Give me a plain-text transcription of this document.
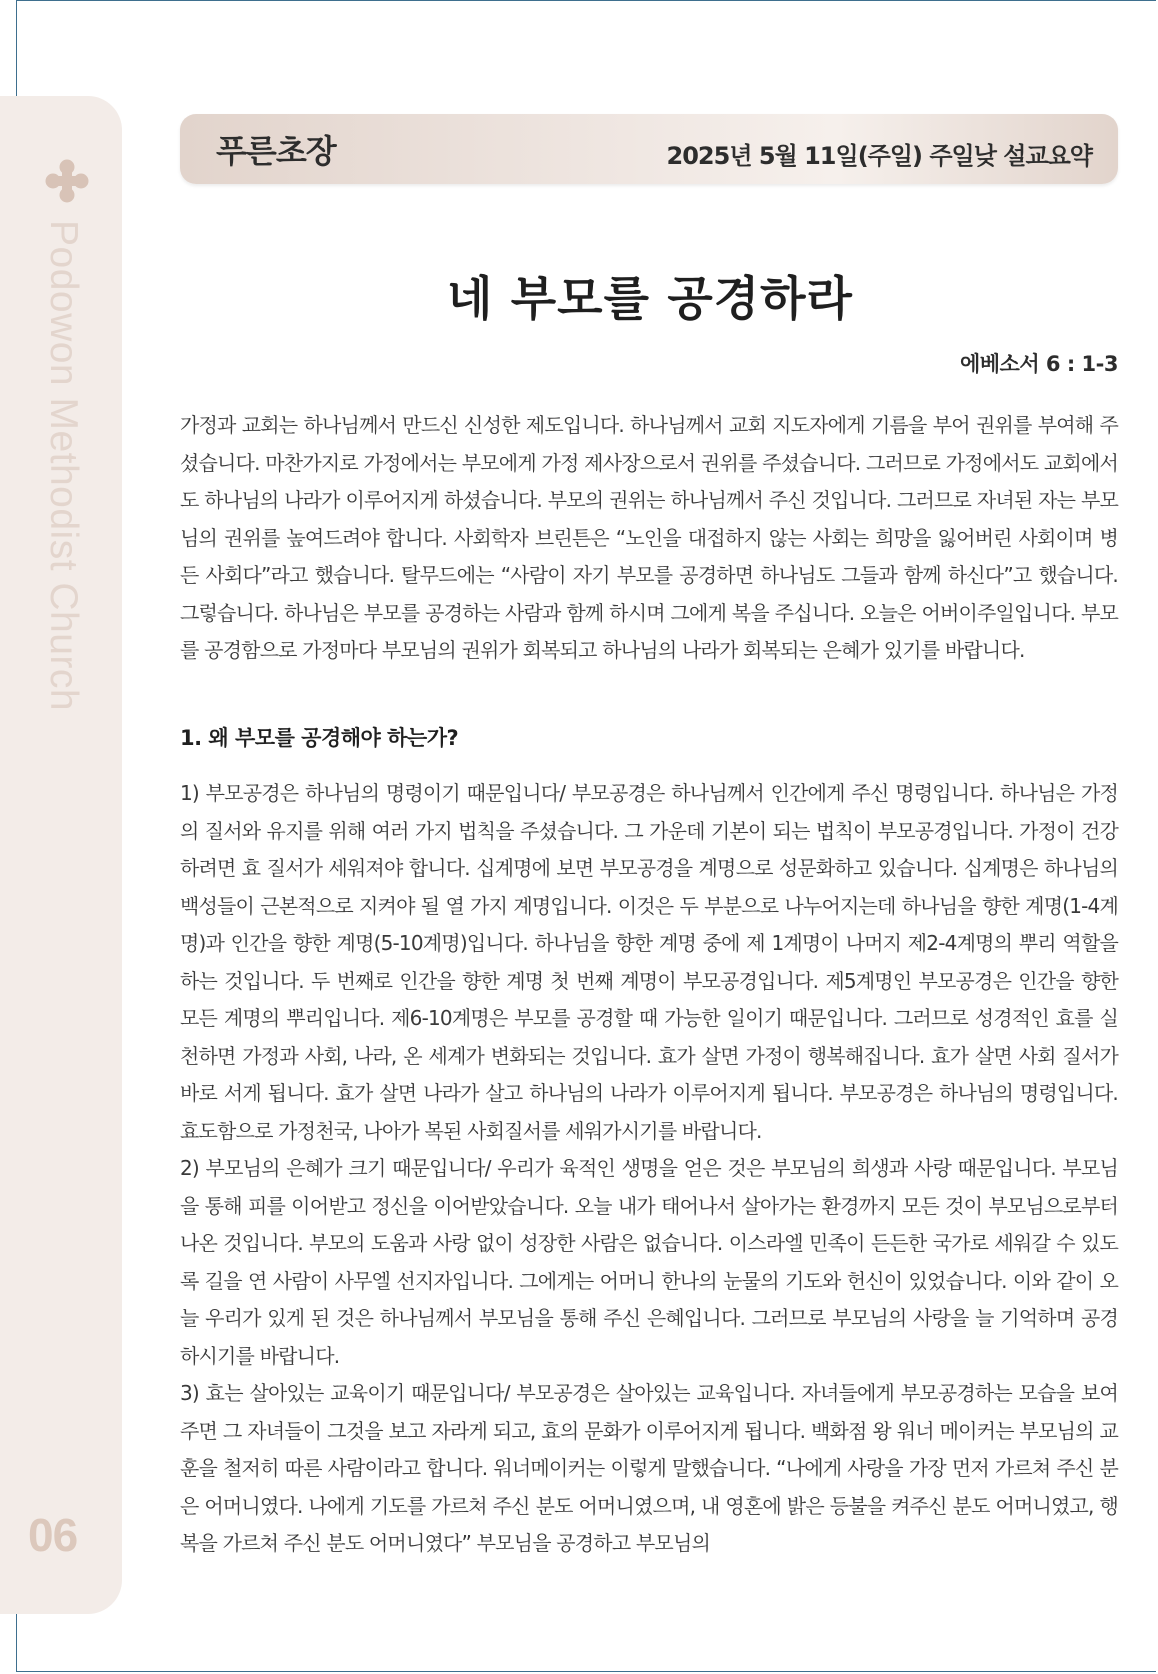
Podowon Methodist Church
06
푸른초장	2025년 5월 11일(주일) 주일낮 설교요약
네 부모를 공경하라
에베소서 6 : 1-3

가정과 교회는 하나님께서 만드신 신성한 제도입니다. 하나님께서 교회 지도자에게 기름을 부어 권위를 부여해 주셨습니다. 마찬가지로 가정에서는 부모에게 가정 제사장으로서 권위를 주셨습니다. 그러므로 가정에서도 교회에서도 하나님의 나라가 이루어지게 하셨습니다. 부모의 권위는 하나님께서 주신 것입니다. 그러므로 자녀된 자는 부모님의 권위를 높여드려야 합니다. 사회학자 브린튼은 “노인을 대접하지 않는 사회는 희망을 잃어버린 사회이며 병든 사회다”라고 했습니다. 탈무드에는 “사람이 자기 부모를 공경하면 하나님도 그들과 함께 하신다”고 했습니다. 그렇습니다. 하나님은 부모를 공경하는 사람과 함께 하시며 그에게 복을 주십니다. 오늘은 어버이주일입니다. 부모를 공경함으로 가정마다 부모님의 권위가 회복되고 하나님의 나라가 회복되는 은혜가 있기를 바랍니다.

1. 왜 부모를 공경해야 하는가?

1) 부모공경은 하나님의 명령이기 때문입니다/ 부모공경은 하나님께서 인간에게 주신 명령입니다. 하나님은 가정의 질서와 유지를 위해 여러 가지 법칙을 주셨습니다. 그 가운데 기본이 되는 법칙이 부모공경입니다. 가정이 건강하려면 효 질서가 세워져야 합니다. 십계명에 보면 부모공경을 계명으로 성문화하고 있습니다. 십계명은 하나님의 백성들이 근본적으로 지켜야 될 열 가지 계명입니다. 이것은 두 부분으로 나누어지는데 하나님을 향한 계명(1-4계명)과 인간을 향한 계명(5-10계명)입니다. 하나님을 향한 계명 중에 제 1계명이 나머지 제2-4계명의 뿌리 역할을 하는 것입니다. 두 번째로 인간을 향한 계명 첫 번째 계명이 부모공경입니다. 제5계명인 부모공경은 인간을 향한 모든 계명의 뿌리입니다. 제6-10계명은 부모를 공경할 때 가능한 일이기 때문입니다. 그러므로 성경적인 효를 실천하면 가정과 사회, 나라, 온 세계가 변화되는 것입니다. 효가 살면 가정이 행복해집니다. 효가 살면 사회 질서가 바로 서게 됩니다. 효가 살면 나라가 살고 하나님의 나라가 이루어지게 됩니다. 부모공경은 하나님의 명령입니다. 효도함으로 가정천국, 나아가 복된 사회질서를 세워가시기를 바랍니다.

2) 부모님의 은혜가 크기 때문입니다/ 우리가 육적인 생명을 얻은 것은 부모님의 희생과 사랑 때문입니다. 부모님을 통해 피를 이어받고 정신을 이어받았습니다. 오늘 내가 태어나서 살아가는 환경까지 모든 것이 부모님으로부터 나온 것입니다. 부모의 도움과 사랑 없이 성장한 사람은 없습니다. 이스라엘 민족이 든든한 국가로 세워갈 수 있도록 길을 연 사람이 사무엘 선지자입니다. 그에게는 어머니 한나의 눈물의 기도와 헌신이 있었습니다. 이와 같이 오늘 우리가 있게 된 것은 하나님께서 부모님을 통해 주신 은혜입니다. 그러므로 부모님의 사랑을 늘 기억하며 공경하시기를 바랍니다.

3) 효는 살아있는 교육이기 때문입니다/ 부모공경은 살아있는 교육입니다. 자녀들에게 부모공경하는 모습을 보여주면 그 자녀들이 그것을 보고 자라게 되고, 효의 문화가 이루어지게 됩니다. 백화점 왕 워너 메이커는 부모님의 교훈을 철저히 따른 사람이라고 합니다. 워너메이커는 이렇게 말했습니다. “나에게 사랑을 가장 먼저 가르쳐 주신 분은 어머니였다. 나에게 기도를 가르쳐 주신 분도 어머니였으며, 내 영혼에 밝은 등불을 켜주신 분도 어머니였고, 행복을 가르쳐 주신 분도 어머니였다” 부모님을 공경하고 부모님의
